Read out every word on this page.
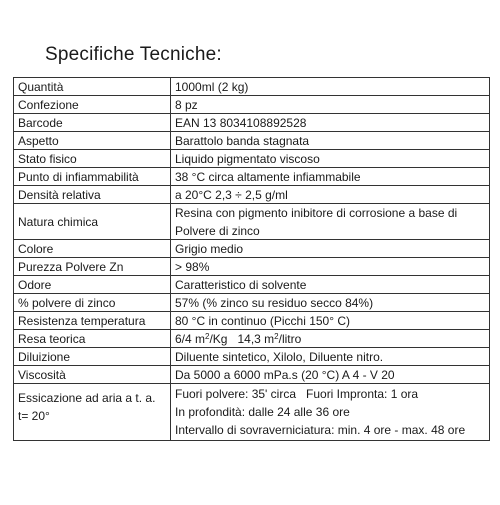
Specifiche Tecniche:
Quantità	1000ml (2 kg)
Confezione	8 pz
Barcode	EAN 13 8034108892528
Aspetto	Barattolo banda stagnata
Stato fisico	Liquido pigmentato viscoso
Punto di infiammabilità	38 °C circa altamente infiammabile
Densità relativa	a 20°C 2,3 ÷ 2,5 g/ml
Natura chimica	Resina con pigmento inibitore di corrosione a base di
Polvere di zinco

Colore	Grigio medio
Purezza Polvere Zn	> 98%
Odore	Caratteristico di solvente
% polvere di zinco	57% (% zinco su residuo secco 84%)
Resistenza temperatura	80 °C in continuo (Picchi 150° C)
Resa teorica	6/4 $m^2/Kg$   14,3 $m^2$/litro
Diluizione	Diluente sintetico, Xilolo, Diluente nitro.
Viscosità	Da 5000 a 6000 mPa.s (20 °C) A 4 - V 20
Essicazione ad aria a t. a. t= 20°	Fuori polvere: 35' circa   Fuori Impronta: 1 ora
In profondità: dalle 24 alle 36 ore
Intervallo di sovraverniciatura: min. 4 ore - max. 48 ore
